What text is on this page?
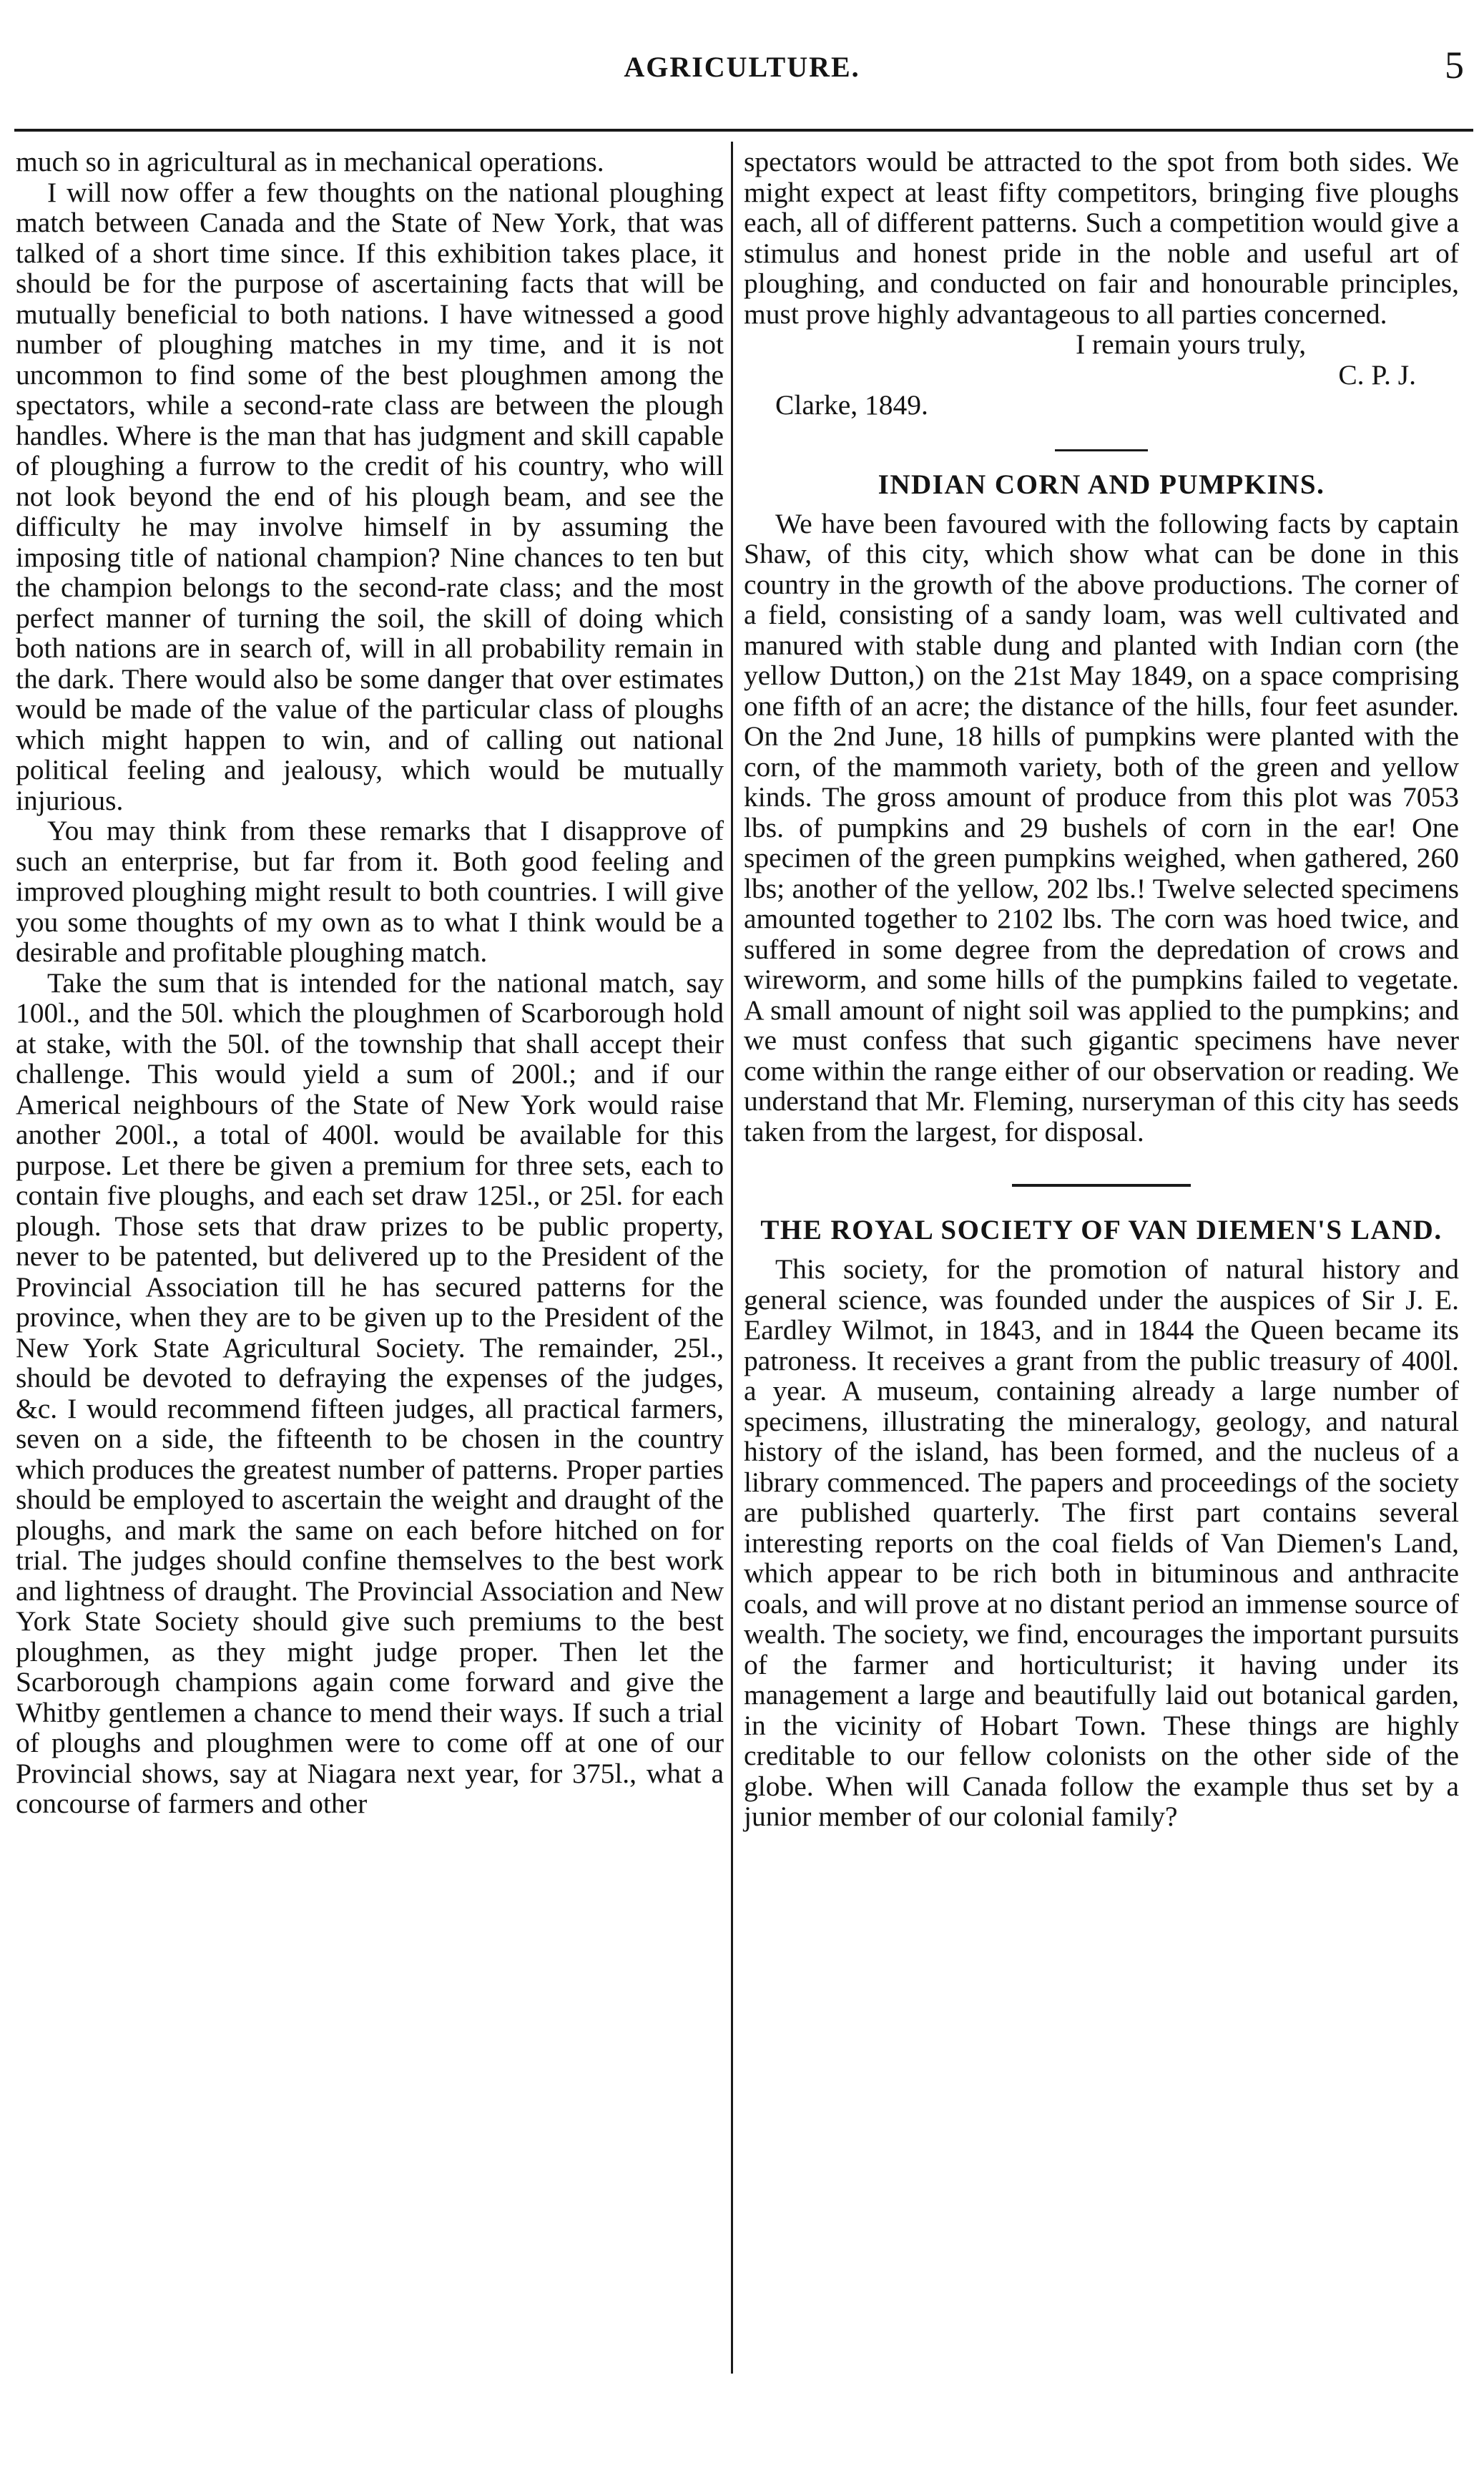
AGRICULTURE.	5

much so in agricultural as in mechanical operations.

I will now offer a few thoughts on the national ploughing match between Canada and the State of New York, that was talked of a short time since. If this exhibition takes place, it should be for the purpose of ascertaining facts that will be mutually beneficial to both nations. I have witnessed a good number of ploughing matches in my time, and it is not uncommon to find some of the best ploughmen among the spectators, while a second-rate class are between the plough handles. Where is the man that has judgment and skill capable of ploughing a furrow to the credit of his country, who will not look beyond the end of his plough beam, and see the difficulty he may involve himself in by assuming the imposing title of national champion? Nine chances to ten but the champion belongs to the second-rate class; and the most perfect manner of turning the soil, the skill of doing which both nations are in search of, will in all probability remain in the dark. There would also be some danger that over estimates would be made of the value of the particular class of ploughs which might happen to win, and of calling out national political feeling and jealousy, which would be mutually injurious.

You may think from these remarks that I disapprove of such an enterprise, but far from it. Both good feeling and improved ploughing might result to both countries. I will give you some thoughts of my own as to what I think would be a desirable and profitable ploughing match.

Take the sum that is intended for the national match, say 100l., and the 50l. which the ploughmen of Scarborough hold at stake, with the 50l. of the township that shall accept their challenge. This would yield a sum of 200l.; and if our Americal neighbours of the State of New York would raise another 200l., a total of 400l. would be available for this purpose. Let there be given a premium for three sets, each to contain five ploughs, and each set draw 125l., or 25l. for each plough. Those sets that draw prizes to be public property, never to be patented, but delivered up to the President of the Provincial Association till he has secured patterns for the province, when they are to be given up to the President of the New York State Agricultural Society. The remainder, 25l., should be devoted to defraying the expenses of the judges, &c. I would recommend fifteen judges, all practical farmers, seven on a side, the fifteenth to be chosen in the country which produces the greatest number of patterns. Proper parties should be employed to ascertain the weight and draught of the ploughs, and mark the same on each before hitched on for trial. The judges should confine themselves to the best work and lightness of draught. The Provincial Association and New York State Society should give such premiums to the best ploughmen, as they might judge proper. Then let the Scarborough champions again come forward and give the Whitby gentlemen a chance to mend their ways. If such a trial of ploughs and ploughmen were to come off at one of our Provincial shows, say at Niagara next year, for 375l., what a concourse of farmers and other

spectators would be attracted to the spot from both sides. We might expect at least fifty competitors, bringing five ploughs each, all of different patterns. Such a competition would give a stimulus and honest pride in the noble and useful art of ploughing, and conducted on fair and honourable principles, must prove highly advantageous to all parties concerned.

I remain yours truly,

C. P. J.

Clarke, 1849.

INDIAN CORN AND PUMPKINS.

We have been favoured with the following facts by captain Shaw, of this city, which show what can be done in this country in the growth of the above productions. The corner of a field, consisting of a sandy loam, was well cultivated and manured with stable dung and planted with Indian corn (the yellow Dutton,) on the 21st May 1849, on a space comprising one fifth of an acre; the distance of the hills, four feet asunder. On the 2nd June, 18 hills of pumpkins were planted with the corn, of the mammoth variety, both of the green and yellow kinds. The gross amount of produce from this plot was 7053 lbs. of pumpkins and 29 bushels of corn in the ear! One specimen of the green pumpkins weighed, when gathered, 260 lbs; another of the yellow, 202 lbs.! Twelve selected specimens amounted together to 2102 lbs. The corn was hoed twice, and suffered in some degree from the depredation of crows and wireworm, and some hills of the pumpkins failed to vegetate. A small amount of night soil was applied to the pumpkins; and we must confess that such gigantic specimens have never come within the range either of our observation or reading. We understand that Mr. Fleming, nurseryman of this city has seeds taken from the largest, for disposal.

THE ROYAL SOCIETY OF VAN DIEMEN'S LAND.

This society, for the promotion of natural history and general science, was founded under the auspices of Sir J. E. Eardley Wilmot, in 1843, and in 1844 the Queen became its patroness. It receives a grant from the public treasury of 400l. a year. A museum, containing already a large number of specimens, illustrating the mineralogy, geology, and natural history of the island, has been formed, and the nucleus of a library commenced. The papers and proceedings of the society are published quarterly. The first part contains several interesting reports on the coal fields of Van Diemen's Land, which appear to be rich both in bituminous and anthracite coals, and will prove at no distant period an immense source of wealth. The society, we find, encourages the important pursuits of the farmer and horticulturist; it having under its management a large and beautifully laid out botanical garden, in the vicinity of Hobart Town. These things are highly creditable to our fellow colonists on the other side of the globe. When will Canada follow the example thus set by a junior member of our colonial family?
